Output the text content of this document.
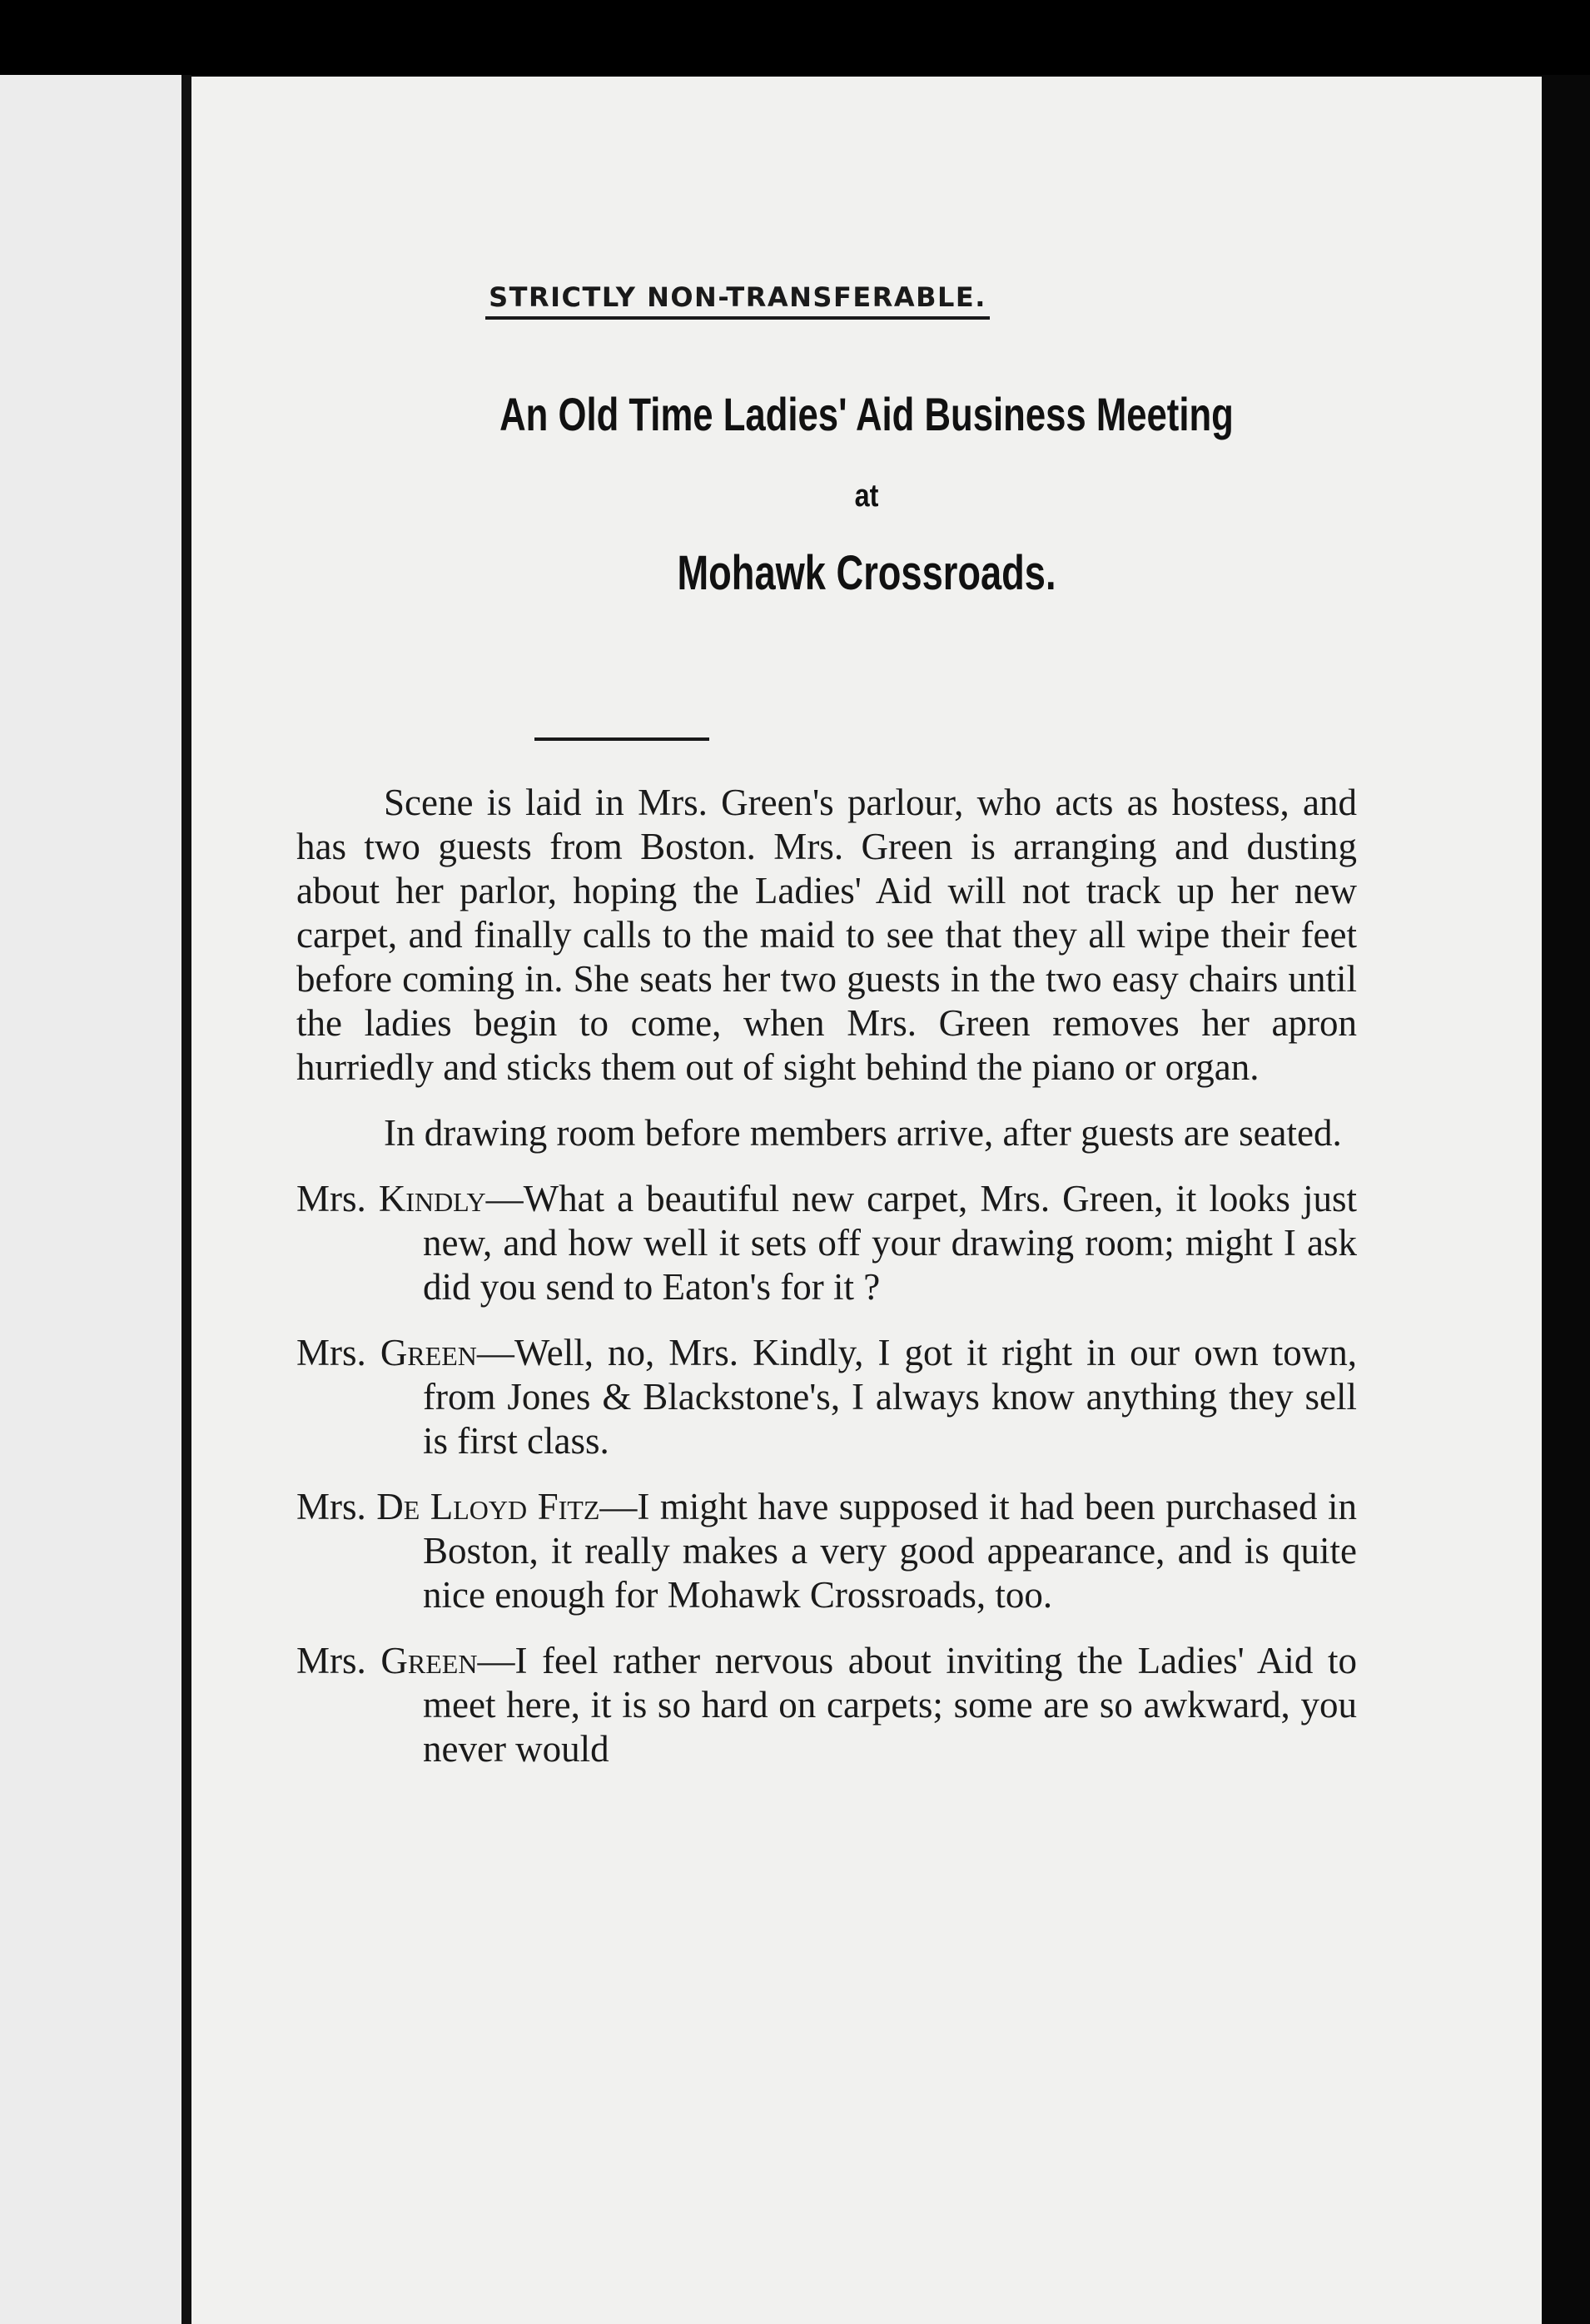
STRICTLY NON-TRANSFERABLE.
An Old Time Ladies' Aid Business Meeting
at
Mohawk Crossroads.

Scene is laid in Mrs. Green's parlour, who acts as hostess, and has two guests from Boston. Mrs. Green is arranging and dusting about her parlor, hoping the Ladies' Aid will not track up her new carpet, and finally calls to the maid to see that they all wipe their feet before coming in. She seats her two guests in the two easy chairs until the ladies begin to come, when Mrs. Green removes her apron hurriedly and sticks them out of sight behind the piano or organ.

In drawing room before members arrive, after guests are seated.

Mrs. Kindly—What a beautiful new carpet, Mrs. Green, it looks just new, and how well it sets off your drawing room; might I ask did you send to Eaton's for it ?

Mrs. Green—Well, no, Mrs. Kindly, I got it right in our own town, from Jones & Blackstone's, I always know anything they sell is first class.

Mrs. De Lloyd Fitz—I might have supposed it had been purchased in Boston, it really makes a very good appearance, and is quite nice enough for Mohawk Crossroads, too.

Mrs. Green—I feel rather nervous about inviting the Ladies' Aid to meet here, it is so hard on carpets; some are so awkward, you never would
